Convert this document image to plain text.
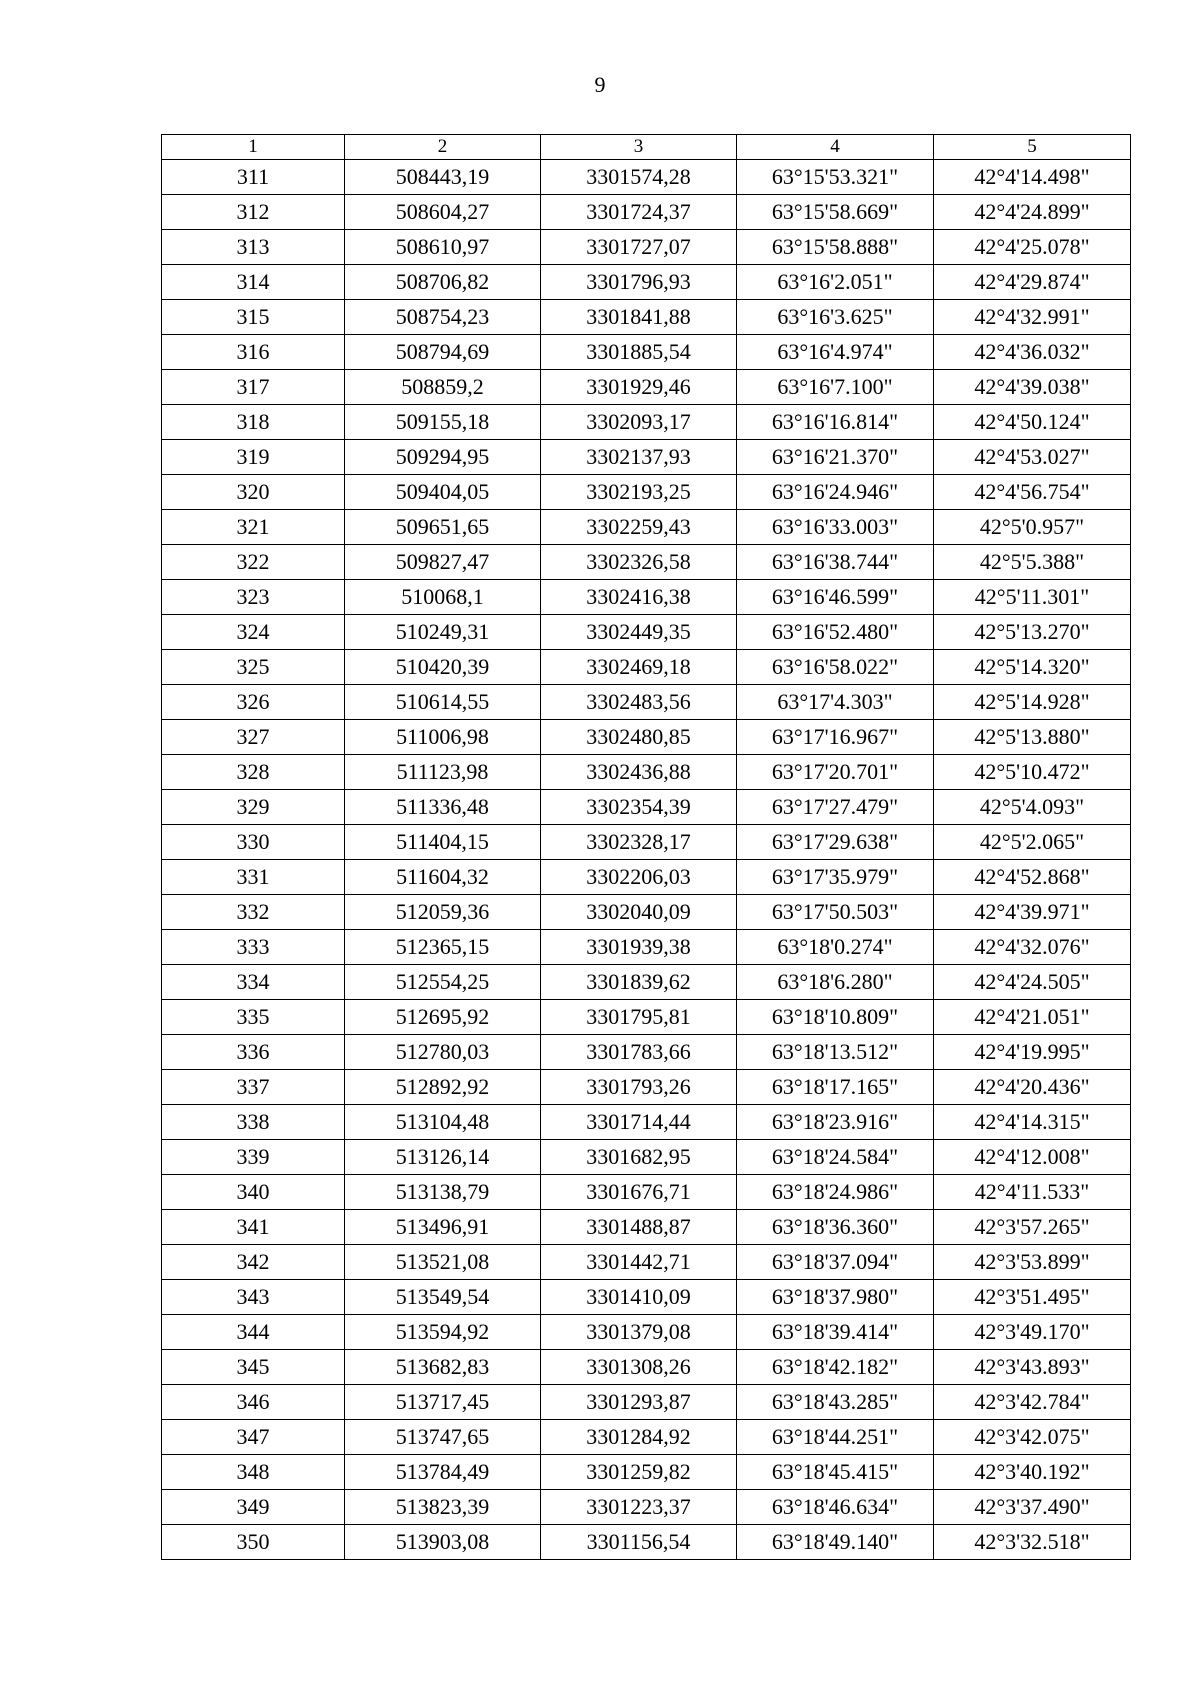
9
1	2	3	4	5
311	508443,19	3301574,28	63°15'53.321"	42°4'14.498"
312	508604,27	3301724,37	63°15'58.669"	42°4'24.899"
313	508610,97	3301727,07	63°15'58.888"	42°4'25.078"
314	508706,82	3301796,93	63°16'2.051"	42°4'29.874"
315	508754,23	3301841,88	63°16'3.625"	42°4'32.991"
316	508794,69	3301885,54	63°16'4.974"	42°4'36.032"
317	508859,2	3301929,46	63°16'7.100"	42°4'39.038"
318	509155,18	3302093,17	63°16'16.814"	42°4'50.124"
319	509294,95	3302137,93	63°16'21.370"	42°4'53.027"
320	509404,05	3302193,25	63°16'24.946"	42°4'56.754"
321	509651,65	3302259,43	63°16'33.003"	42°5'0.957"
322	509827,47	3302326,58	63°16'38.744"	42°5'5.388"
323	510068,1	3302416,38	63°16'46.599"	42°5'11.301"
324	510249,31	3302449,35	63°16'52.480"	42°5'13.270"
325	510420,39	3302469,18	63°16'58.022"	42°5'14.320"
326	510614,55	3302483,56	63°17'4.303"	42°5'14.928"
327	511006,98	3302480,85	63°17'16.967"	42°5'13.880"
328	511123,98	3302436,88	63°17'20.701"	42°5'10.472"
329	511336,48	3302354,39	63°17'27.479"	42°5'4.093"
330	511404,15	3302328,17	63°17'29.638"	42°5'2.065"
331	511604,32	3302206,03	63°17'35.979"	42°4'52.868"
332	512059,36	3302040,09	63°17'50.503"	42°4'39.971"
333	512365,15	3301939,38	63°18'0.274"	42°4'32.076"
334	512554,25	3301839,62	63°18'6.280"	42°4'24.505"
335	512695,92	3301795,81	63°18'10.809"	42°4'21.051"
336	512780,03	3301783,66	63°18'13.512"	42°4'19.995"
337	512892,92	3301793,26	63°18'17.165"	42°4'20.436"
338	513104,48	3301714,44	63°18'23.916"	42°4'14.315"
339	513126,14	3301682,95	63°18'24.584"	42°4'12.008"
340	513138,79	3301676,71	63°18'24.986"	42°4'11.533"
341	513496,91	3301488,87	63°18'36.360"	42°3'57.265"
342	513521,08	3301442,71	63°18'37.094"	42°3'53.899"
343	513549,54	3301410,09	63°18'37.980"	42°3'51.495"
344	513594,92	3301379,08	63°18'39.414"	42°3'49.170"
345	513682,83	3301308,26	63°18'42.182"	42°3'43.893"
346	513717,45	3301293,87	63°18'43.285"	42°3'42.784"
347	513747,65	3301284,92	63°18'44.251"	42°3'42.075"
348	513784,49	3301259,82	63°18'45.415"	42°3'40.192"
349	513823,39	3301223,37	63°18'46.634"	42°3'37.490"
350	513903,08	3301156,54	63°18'49.140"	42°3'32.518"
